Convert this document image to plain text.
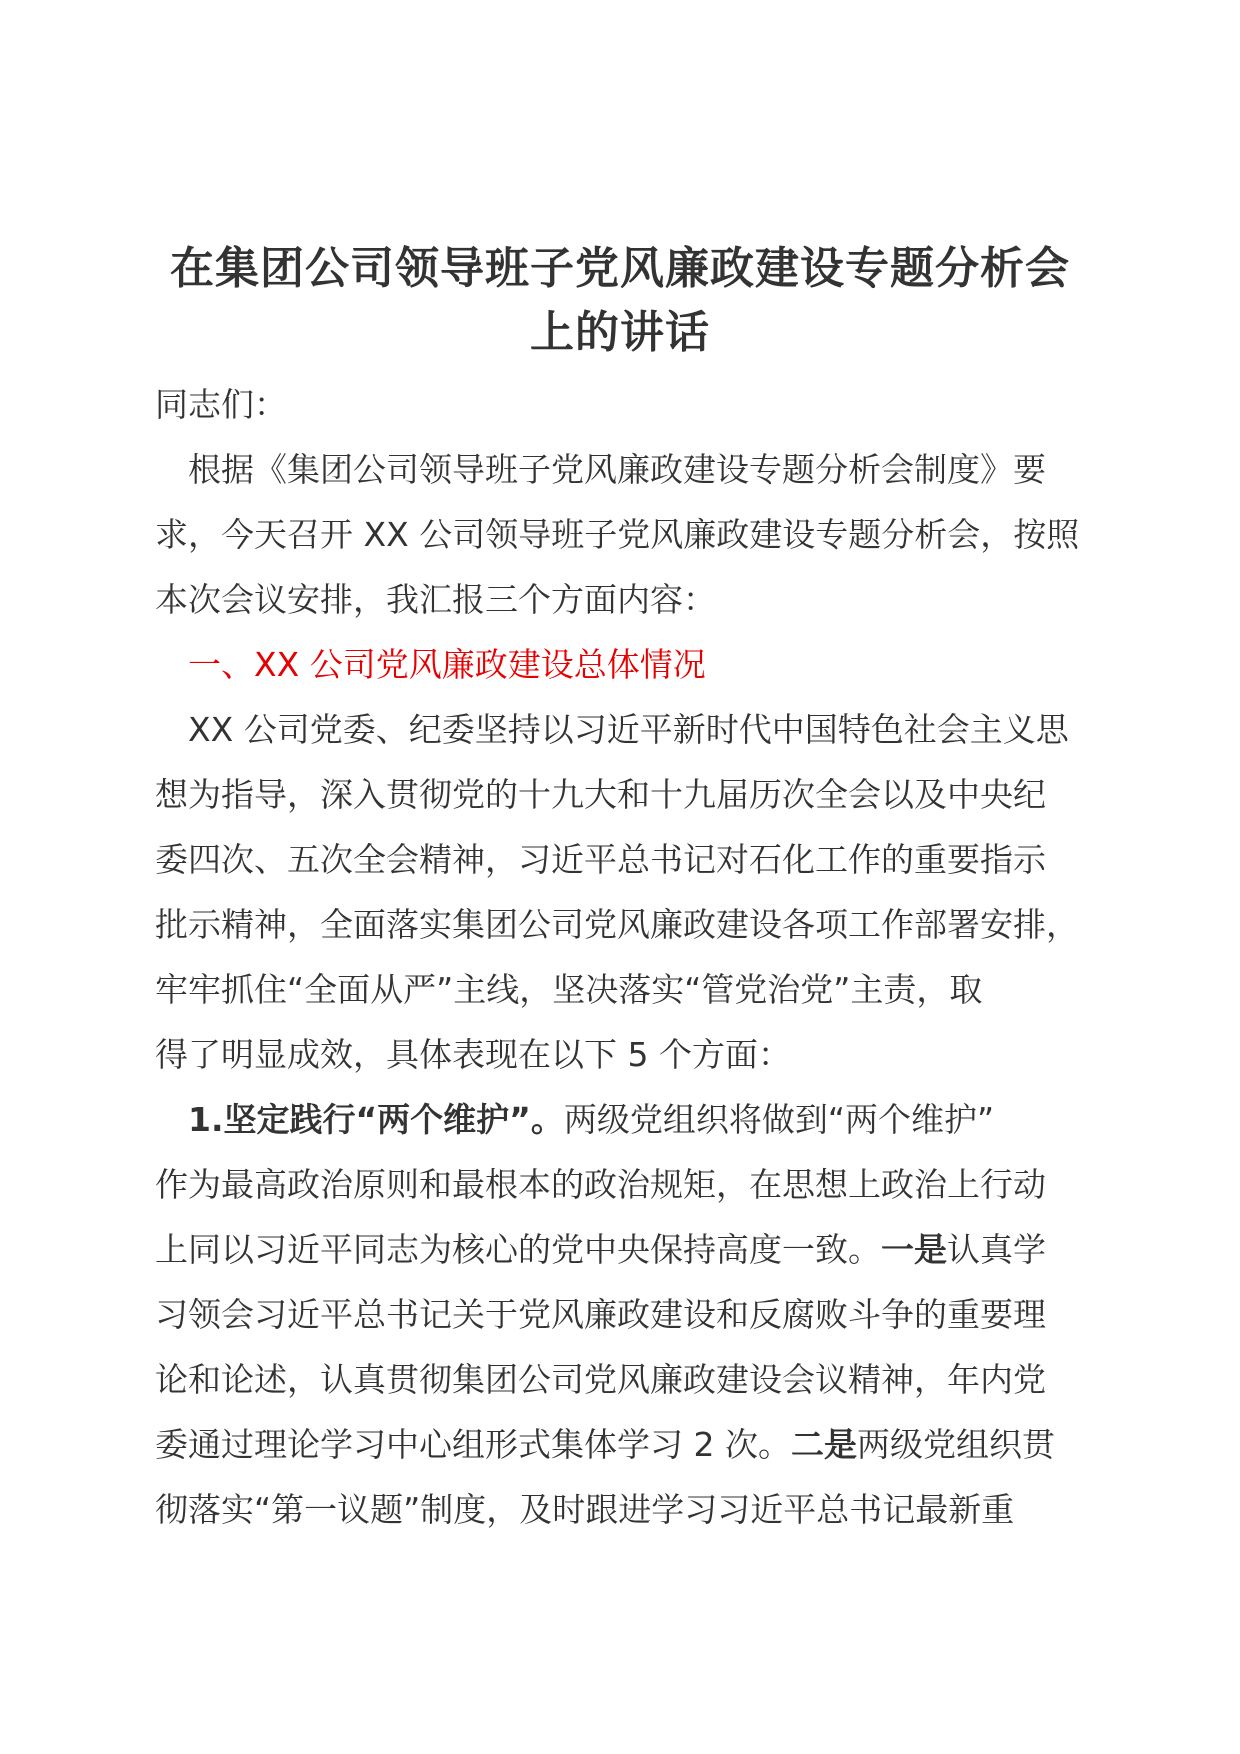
在集团公司领导班子党风廉政建设专题分析会
上的讲话
同志们：
根据《集团公司领导班子党风廉政建设专题分析会制度》要
求，今天召开 XX 公司领导班子党风廉政建设专题分析会，按照
本次会议安排，我汇报三个方面内容：
一、XX 公司党风廉政建设总体情况
XX 公司党委、纪委坚持以习近平新时代中国特色社会主义思
想为指导，深入贯彻党的十九大和十九届历次全会以及中央纪
委四次、五次全会精神，习近平总书记对石化工作的重要指示
批示精神，全面落实集团公司党风廉政建设各项工作部署安排，
牢牢抓住“全面从严”主线，坚决落实“管党治党”主责，取
得了明显成效，具体表现在以下 5 个方面：
1.坚定践行“两个维护”。两级党组织将做到“两个维护”
作为最高政治原则和最根本的政治规矩，在思想上政治上行动
上同以习近平同志为核心的党中央保持高度一致。一是认真学
习领会习近平总书记关于党风廉政建设和反腐败斗争的重要理
论和论述，认真贯彻集团公司党风廉政建设会议精神，年内党
委通过理论学习中心组形式集体学习 2 次。二是两级党组织贯
彻落实“第一议题”制度，及时跟进学习习近平总书记最新重
